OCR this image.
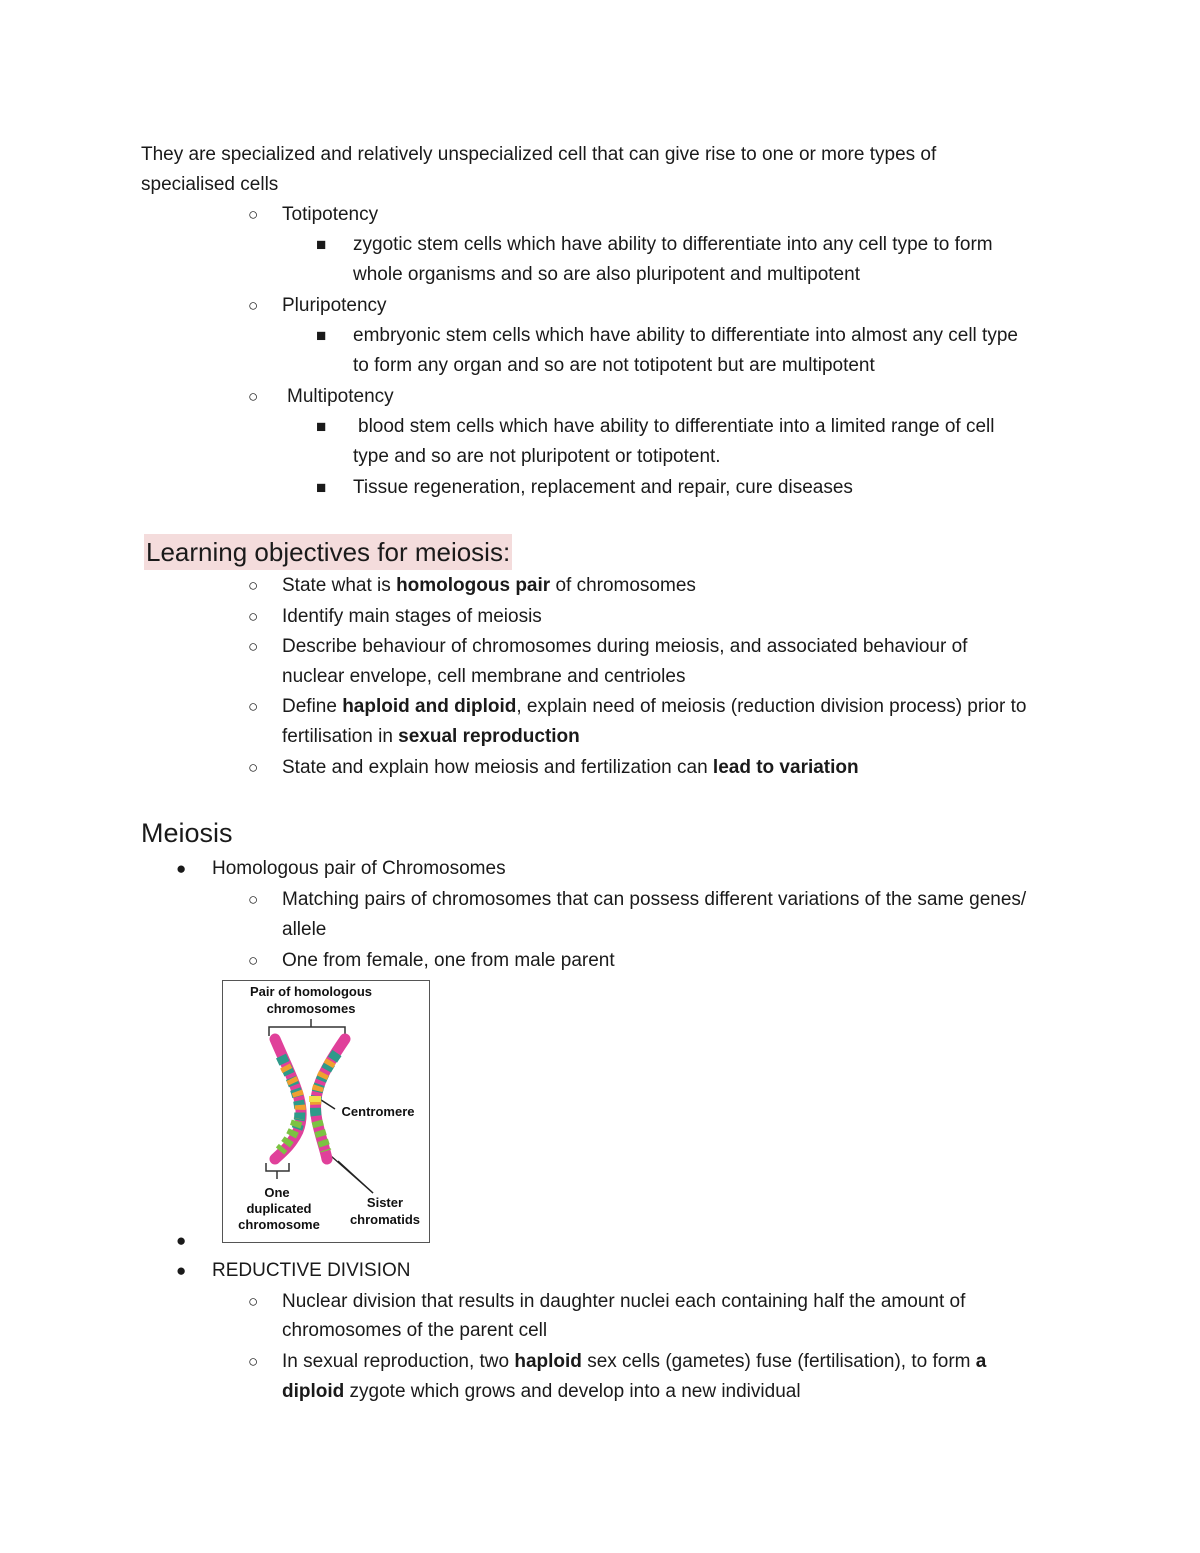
They are specialized and relatively unspecialized cell that can give rise to one or more types of
specialised cells
○
Totipotency
■ zygotic stem cells which have ability to differentiate into any cell type to form
whole organisms and so are also pluripotent and multipotent
○
Pluripotency
■ embryonic stem cells which have ability to differentiate into almost any cell type
to form any organ and so are not totipotent but are multipotent
○
Multipotency
■ blood stem cells which have ability to differentiate into a limited range of cell
type and so are not pluripotent or totipotent.
■ Tissue regeneration, replacement and repair, cure diseases
Learning objectives for meiosis:
○
State what is homologous pair of chromosomes
○
Identify main stages of meiosis
○
Describe behaviour of chromosomes during meiosis, and associated behaviour of
nuclear envelope, cell membrane and centrioles
○
Define haploid and diploid, explain need of meiosis (reduction division process) prior to
fertilisation in sexual reproduction
○
State and explain how meiosis and fertilization can lead to variation
Meiosis
● Homologous pair of Chromosomes
○
Matching pairs of chromosomes that can possess different variations of the same genes/
allele
○
One from female, one from male parent
Pair of homologous
chromosomes
Centromere
One
duplicated
chromosome
Sister
chromatids
●
● REDUCTIVE DIVISION
○
Nuclear division that results in daughter nuclei each containing half the amount of
chromosomes of the parent cell
○
In sexual reproduction, two haploid sex cells (gametes) fuse (fertilisation), to form a
diploid zygote which grows and develop into a new individual
